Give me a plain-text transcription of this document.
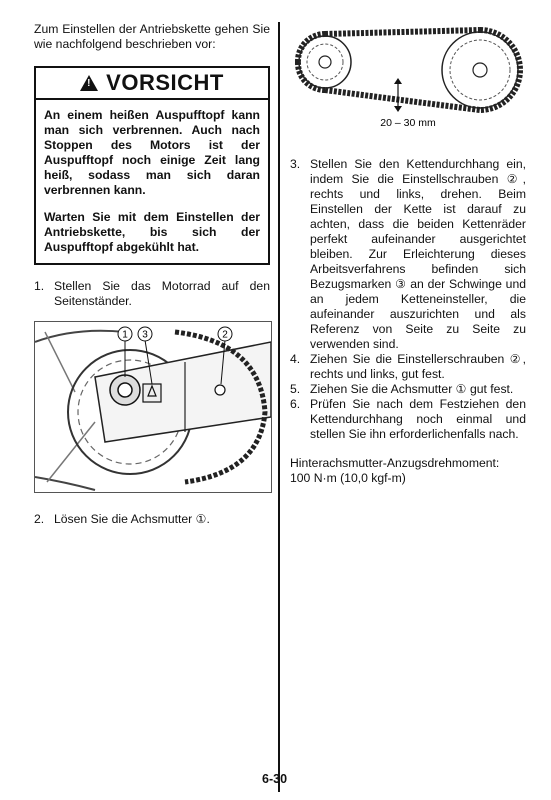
Zum Einstellen der Antriebskette gehen Sie wie nachfolgend beschrieben vor:

! VORSICHT

An einem heißen Auspufftopf kann man sich verbrennen. Auch nach Stoppen des Motors ist der Auspufftopf noch einige Zeit lang heiß, sodass man sich daran verbrennen kann.

Warten Sie mit dem Einstellen der Antriebskette, bis sich der Auspufftopf abgekühlt hat.

1. Stellen Sie das Motorrad auf den Seitenständer.
1 3	2
2. Lösen Sie die Achsmutter ①.
20 – 30 mm
3. Stellen Sie den Kettendurchhang ein, indem Sie die Einstellschrauben ②, rechts und links, drehen. Beim Einstellen der Kette ist darauf zu achten, dass die beiden Kettenräder perfekt aufeinander ausgerichtet bleiben. Zur Erleichterung dieses Arbeitsverfahrens befinden sich Bezugsmarken ③ an der Schwinge und an jedem Ketteneinsteller, die aufeinander auszurichten und als Referenz von Seite zu Seite zu verwenden sind.
4. Ziehen Sie die Einstellerschrauben ②, rechts und links, gut fest.
5. Ziehen Sie die Achsmutter ① gut fest.
6. Prüfen Sie nach dem Festziehen den Kettendurchhang noch einmal und stellen Sie ihn erforderlichenfalls nach.

Hinterachsmutter-Anzugsdrehmoment:
100 N·m (10,0 kgf-m)

6-30
